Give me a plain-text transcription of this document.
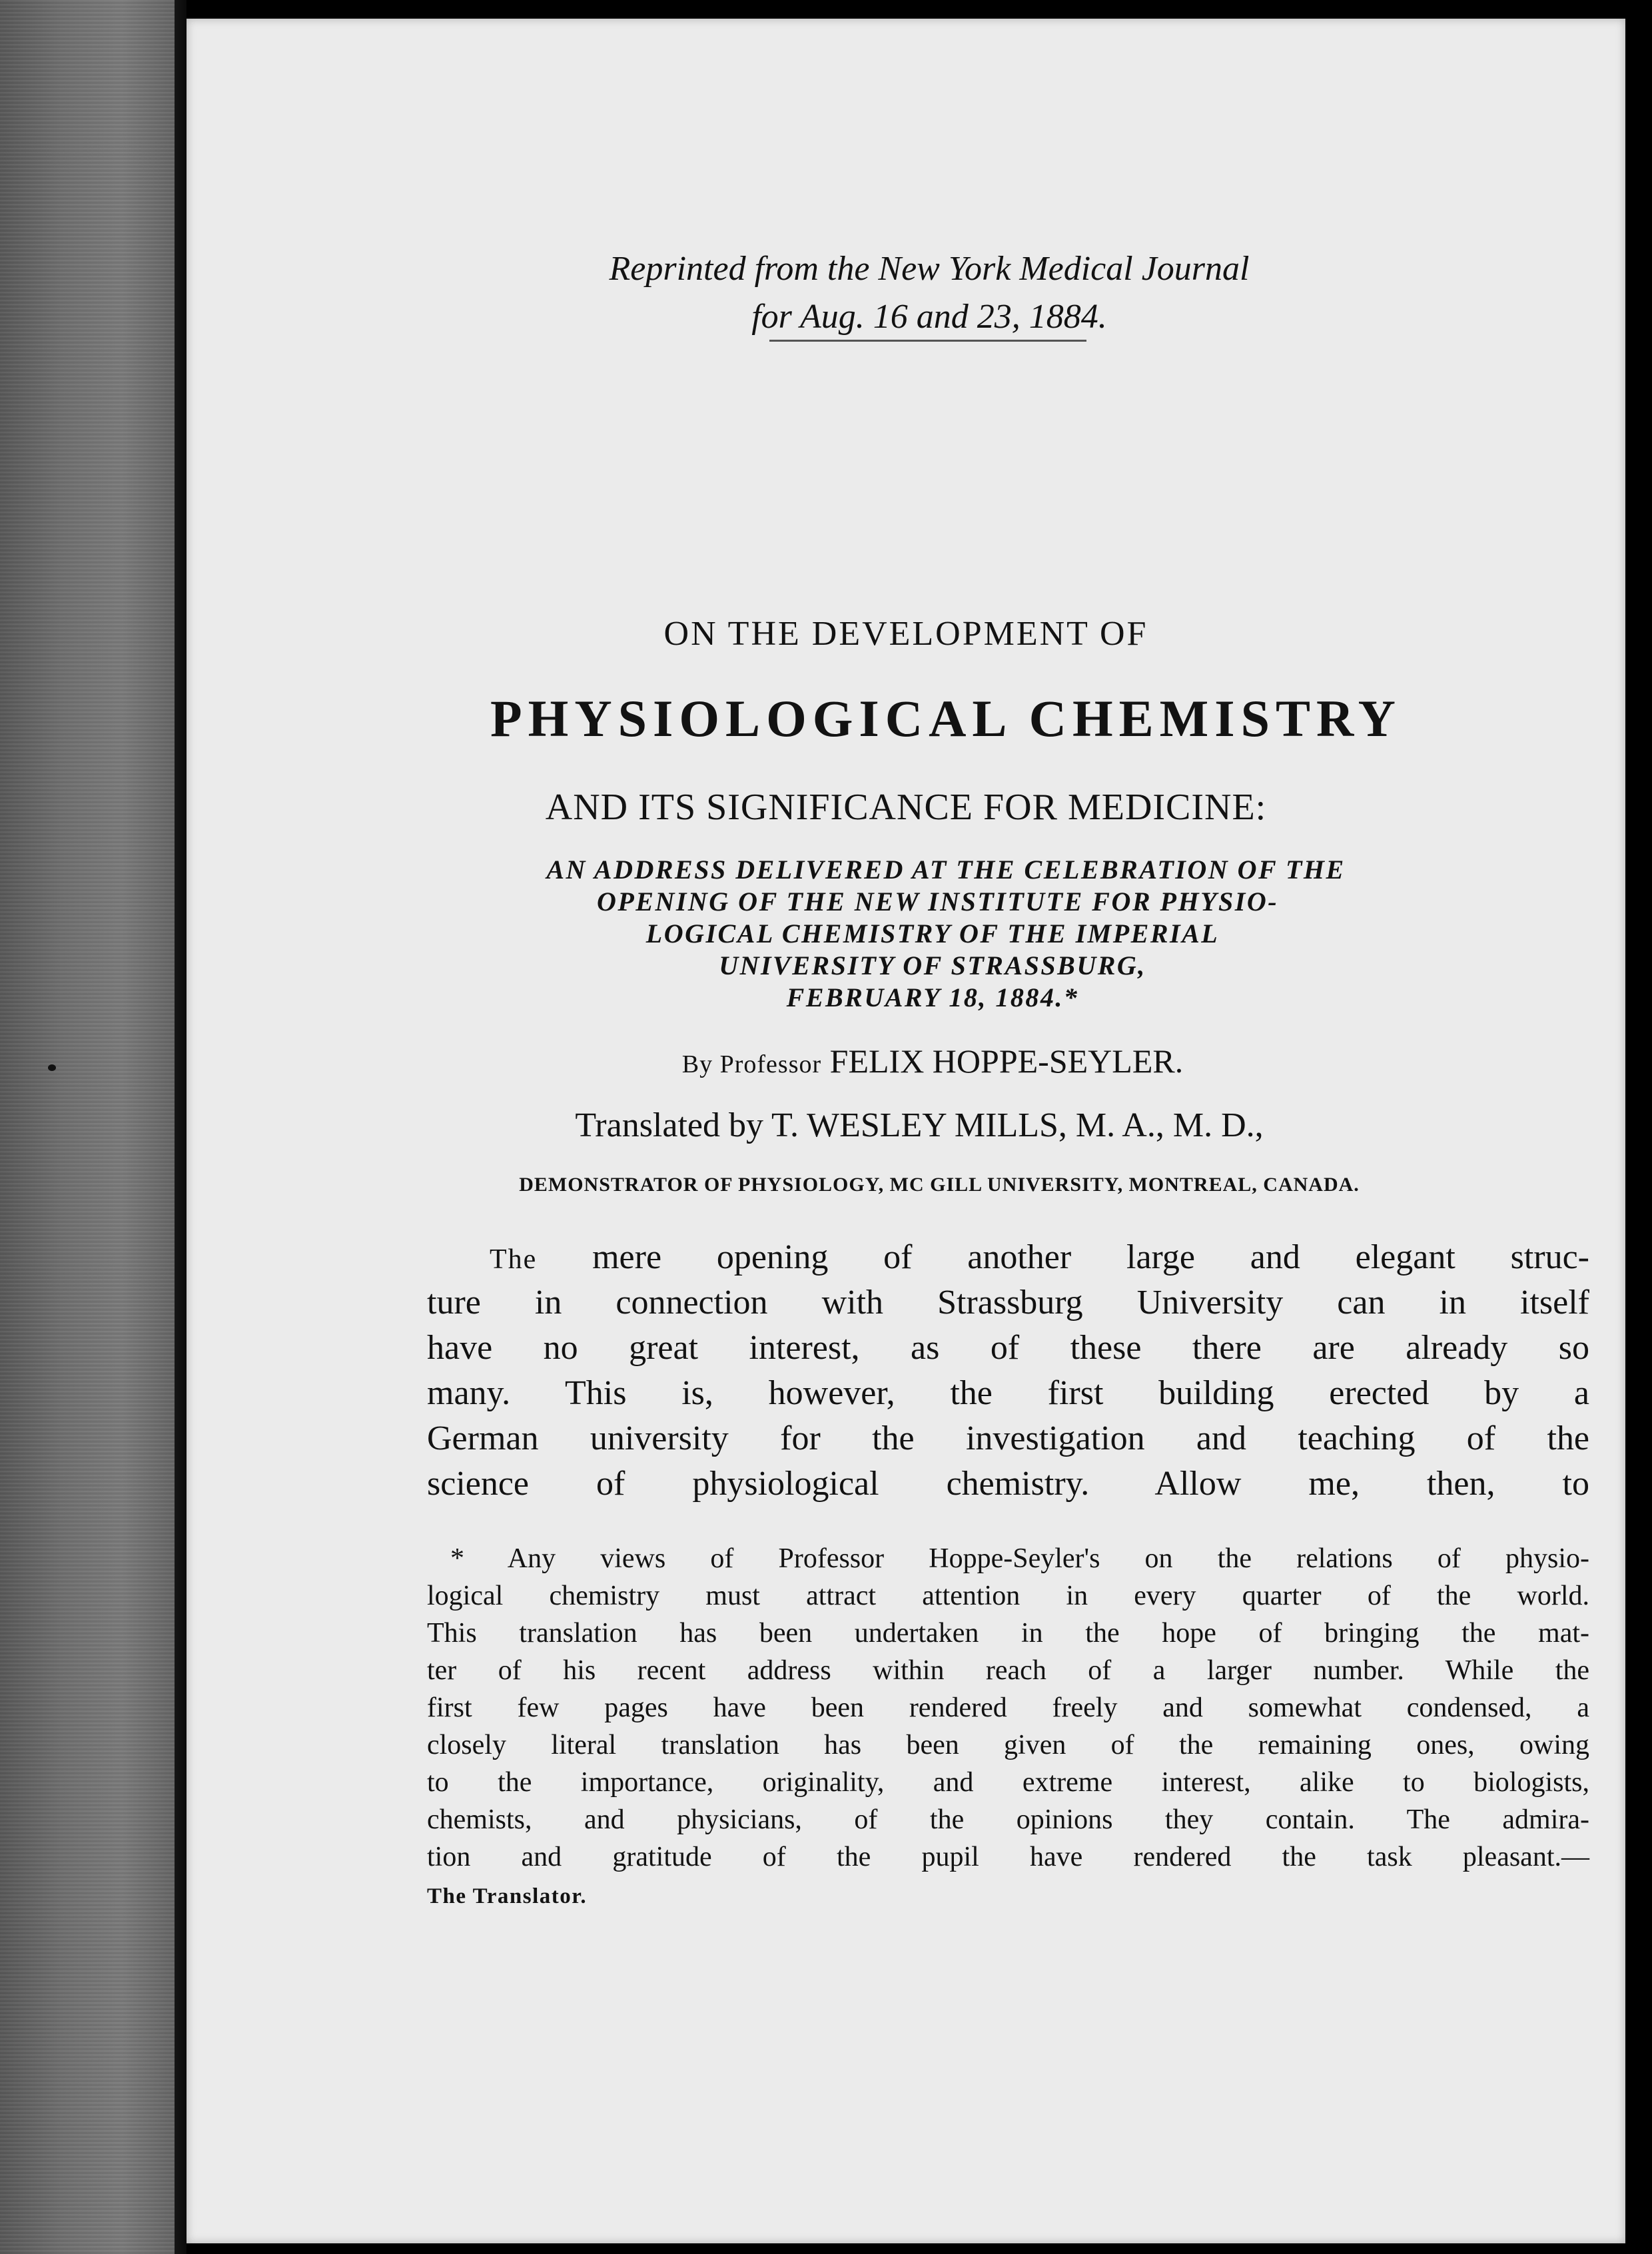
Reprinted from the New York Medical Journal
for Aug. 16 and 23, 1884.
ON THE DEVELOPMENT OF
PHYSIOLOGICAL CHEMISTRY
AND ITS SIGNIFICANCE FOR MEDICINE:
AN ADDRESS DELIVERED AT THE CELEBRATION OF THE
OPENING OF THE NEW INSTITUTE FOR PHYSIO-
LOGICAL CHEMISTRY OF THE IMPERIAL
UNIVERSITY OF STRASSBURG,
FEBRUARY 18, 1884.*
By Professor FELIX HOPPE-SEYLER.
Translated by T. WESLEY MILLS, M. A., M. D.,
DEMONSTRATOR OF PHYSIOLOGY, MC GILL UNIVERSITY, MONTREAL, CANADA.
The mere opening of another large and elegant struc-
ture in connection with Strassburg University can in itself
have no great interest, as of these there are already so
many. This is, however, the first building erected by a
German university for the investigation and teaching of the
science of physiological chemistry. Allow me, then, to
* Any views of Professor Hoppe-Seyler's on the relations of physio-
logical chemistry must attract attention in every quarter of the world.
This translation has been undertaken in the hope of bringing the mat-
ter of his recent address within reach of a larger number. While the
first few pages have been rendered freely and somewhat condensed, a
closely literal translation has been given of the remaining ones, owing
to the importance, originality, and extreme interest, alike to biologists,
chemists, and physicians, of the opinions they contain. The admira-
tion and gratitude of the pupil have rendered the task pleasant.—
The Translator.
